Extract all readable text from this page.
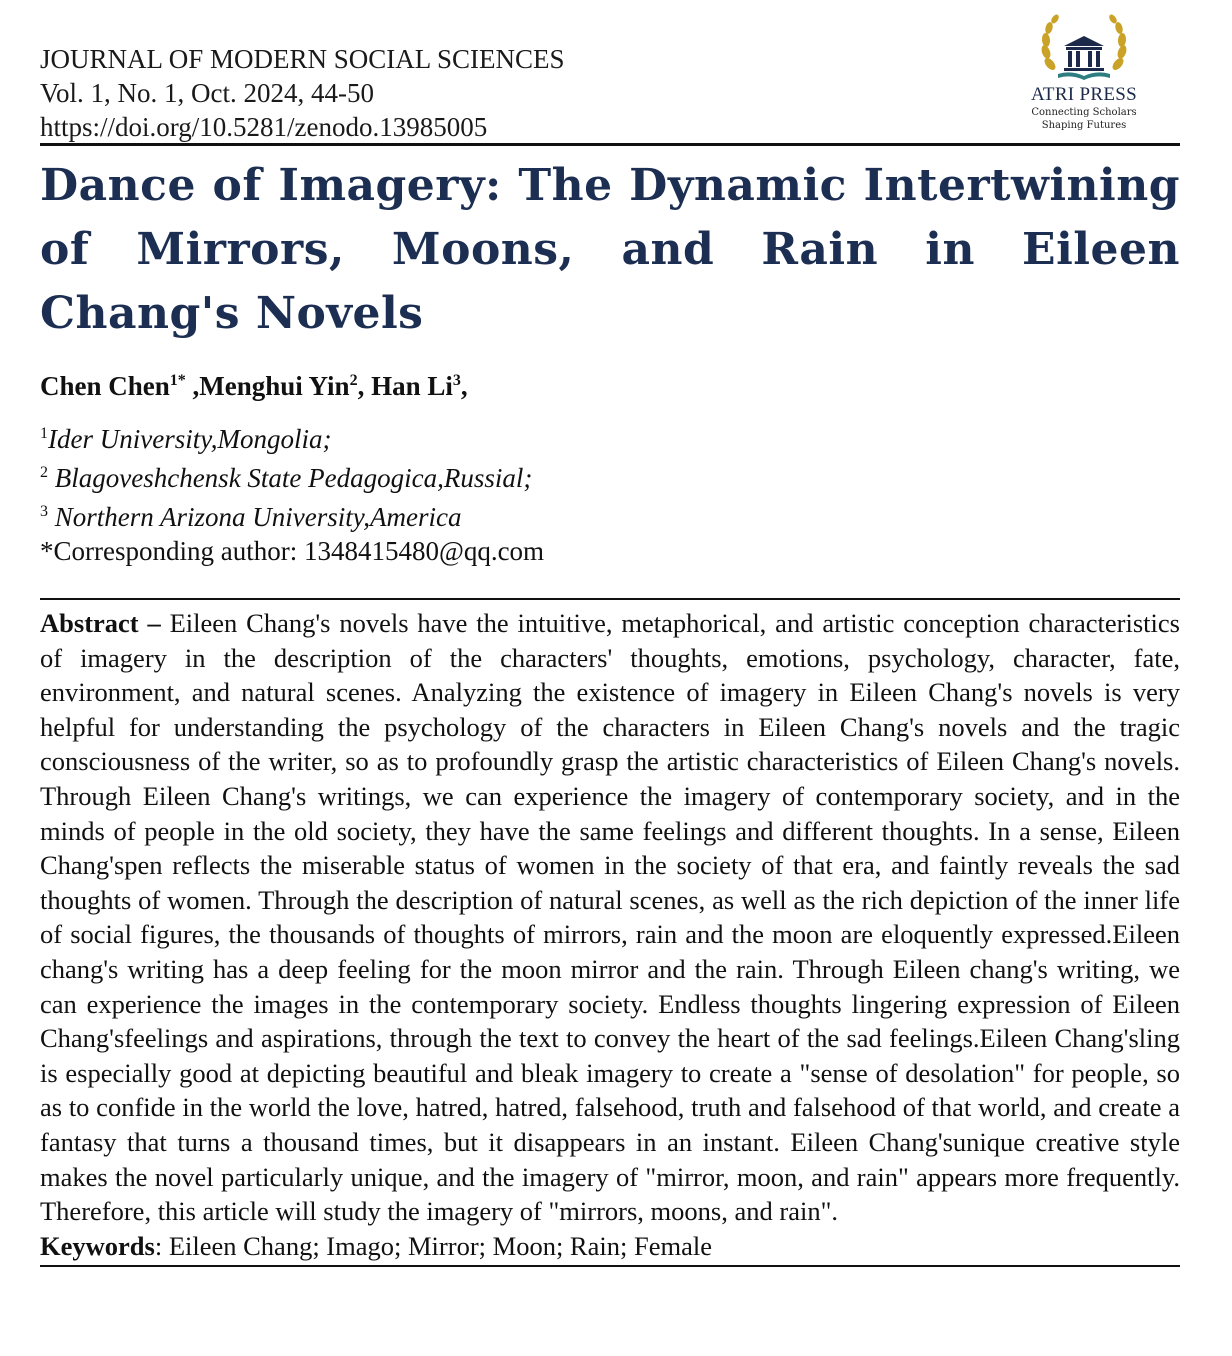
JOURNAL OF MODERN SOCIAL SCIENCES
Vol. 1, No. 1, Oct. 2024, 44-50
https://doi.org/10.5281/zenodo.13985005
ATRI PRESS
Connecting Scholars
Shaping Futures
Dance of Imagery: The Dynamic Intertwining of Mirrors, Moons, and Rain in Eileen Chang's Novels
Chen Chen$^{1*}$ ,Menghui Yin$^2$, Han Li$^3$,
$^1$Ider University,Mongolia;
$^2$ Blagoveshchensk State Pedagogica,Russial;
$^3$ Northern Arizona University,America
*Corresponding author: 1348415480@qq.com
Abstract – Eileen Chang's novels have the intuitive, metaphorical, and artistic conception characteristics of imagery in the description of the characters' thoughts, emotions, psychology, character, fate, environment, and natural scenes. Analyzing the existence of imagery in Eileen Chang's novels is very helpful for understanding the psychology of the characters in Eileen Chang's novels and the tragic consciousness of the writer, so as to profoundly grasp the artistic characteristics of Eileen Chang's novels. Through Eileen Chang's writings, we can experience the imagery of contemporary society, and in the minds of people in the old society, they have the same feelings and different thoughts. In a sense, Eileen Chang'spen reflects the miserable status of women in the society of that era, and faintly reveals the sad thoughts of women. Through the description of natural scenes, as well as the rich depiction of the inner life of social figures, the thousands of thoughts of mirrors, rain and the moon are eloquently expressed.Eileen chang's writing has a deep feeling for the moon mirror and the rain. Through Eileen chang's writing, we can experience the images in the contemporary society. Endless thoughts lingering expression of Eileen Chang'sfeelings and aspirations, through the text to convey the heart of the sad feelings.Eileen Chang'sling is especially good at depicting beautiful and bleak imagery to create a "sense of desolation" for people, so as to confide in the world the love, hatred, hatred, falsehood, truth and falsehood of that world, and create a fantasy that turns a thousand times, but it disappears in an instant. Eileen Chang'sunique creative style makes the novel particularly unique, and the imagery of "mirror, moon, and rain" appears more frequently. Therefore, this article will study the imagery of "mirrors, moons, and rain".
Keywords: Eileen Chang; Imago; Mirror; Moon; Rain; Female
